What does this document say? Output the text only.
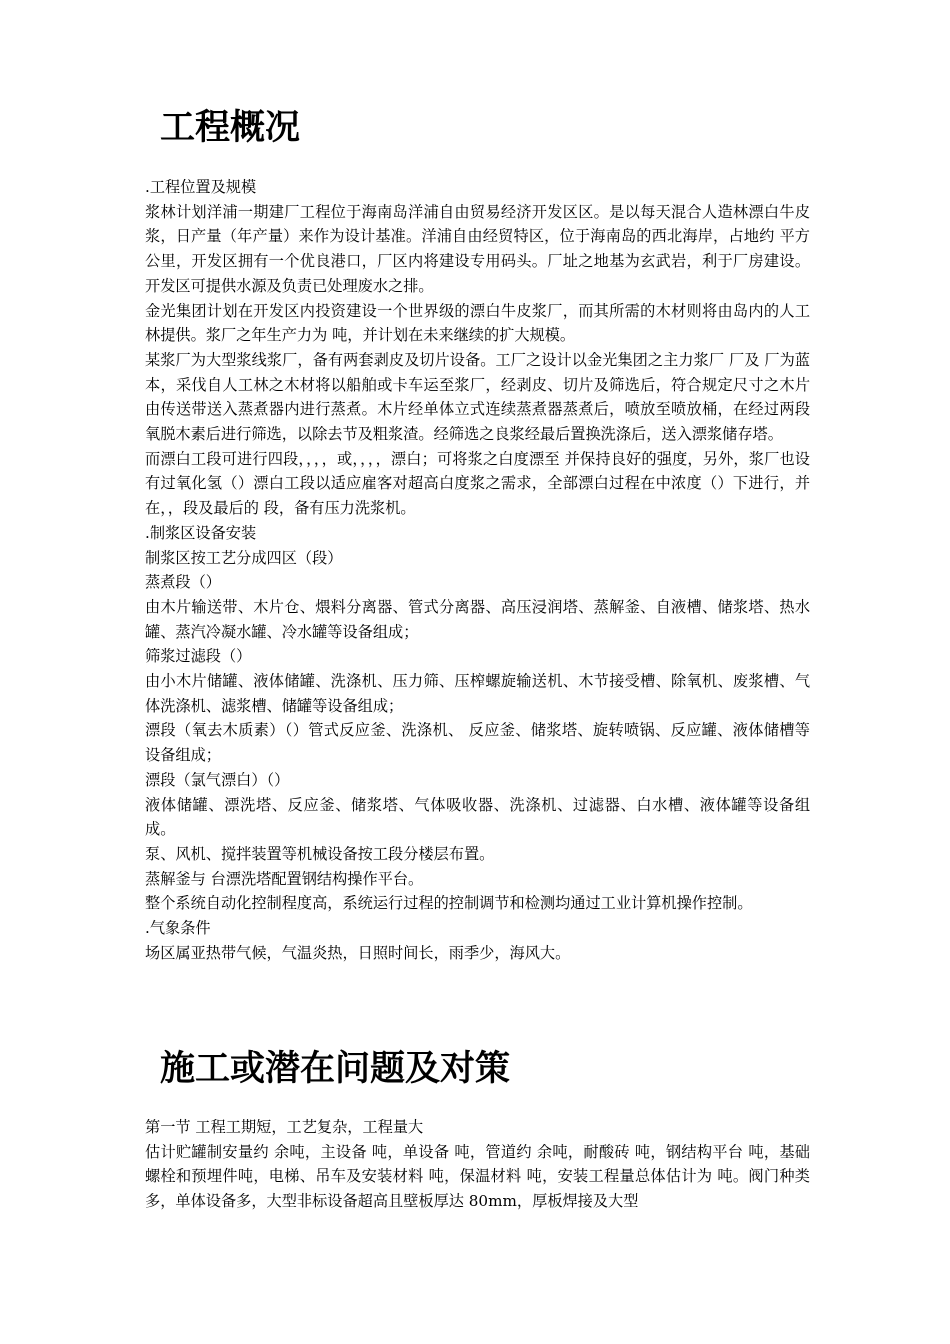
工程概况

.工程位置及规模

浆林计划洋浦一期建厂工程位于海南岛洋浦自由贸易经济开发区区。是以每天混合人造林漂白牛皮浆，日产量（年产量）来作为设计基准。洋浦自由经贸特区，位于海南岛的西北海岸，占地约 平方公里，开发区拥有一个优良港口，厂区内将建设专用码头。厂址之地基为玄武岩，利于厂房建设。开发区可提供水源及负责已处理废水之排。

金光集团计划在开发区内投资建设一个世界级的漂白牛皮浆厂，而其所需的木材则将由岛内的人工林提供。浆厂之年生产力为 吨，并计划在未来继续的扩大规模。

某浆厂为大型浆线浆厂，备有两套剥皮及切片设备。工厂之设计以金光集团之主力浆厂 厂及 厂为蓝本，采伐自人工林之木材将以船舶或卡车运至浆厂，经剥皮、切片及筛选后，符合规定尺寸之木片由传送带送入蒸煮器内进行蒸煮。木片经单体立式连续蒸煮器蒸煮后，喷放至喷放桶，在经过两段氧脱木素后进行筛选，以除去节及粗浆渣。经筛选之良浆经最后置换洗涤后，送入漂浆储存塔。

而漂白工段可进行四段，，，，或，，，，漂白；可将浆之白度漂至 并保持良好的强度，另外，浆厂也设有过氧化氢（）漂白工段以适应雇客对超高白度浆之需求，全部漂白过程在中浓度（）下进行，并在，，段及最后的 段，备有压力洗浆机。

.制浆区设备安装

制浆区按工艺分成四区（段）

蒸煮段（）

由木片输送带、木片仓、煨料分离器、管式分离器、高压浸润塔、蒸解釜、自液槽、储浆塔、热水罐、蒸汽冷凝水罐、冷水罐等设备组成；

筛浆过滤段（）

由小木片储罐、液体储罐、洗涤机、压力筛、压榨螺旋输送机、木节接受槽、除氧机、废浆槽、气体洗涤机、滤浆槽、储罐等设备组成；

漂段（氧去木质素）（）管式反应釜、洗涤机、 反应釜、储浆塔、旋转喷锅、反应罐、液体储槽等设备组成；

漂段（氯气漂白）（）

液体储罐、漂洗塔、反应釜、储浆塔、气体吸收器、洗涤机、过滤器、白水槽、液体罐等设备组成。

泵、风机、搅拌装置等机械设备按工段分楼层布置。

蒸解釜与 台漂洗塔配置钢结构操作平台。

整个系统自动化控制程度高，系统运行过程的控制调节和检测均通过工业计算机操作控制。

.气象条件

场区属亚热带气候，气温炎热，日照时间长，雨季少，海风大。

施工或潜在问题及对策

第一节 工程工期短，工艺复杂，工程量大

估计贮罐制安量约 余吨，主设备 吨，单设备 吨，管道约 余吨，耐酸砖 吨，钢结构平台 吨，基础螺栓和预埋件吨，电梯、吊车及安装材料 吨，保温材料 吨，安装工程量总体估计为 吨。阀门种类多，单体设备多，大型非标设备超高且壁板厚达 80mm，厚板焊接及大型
